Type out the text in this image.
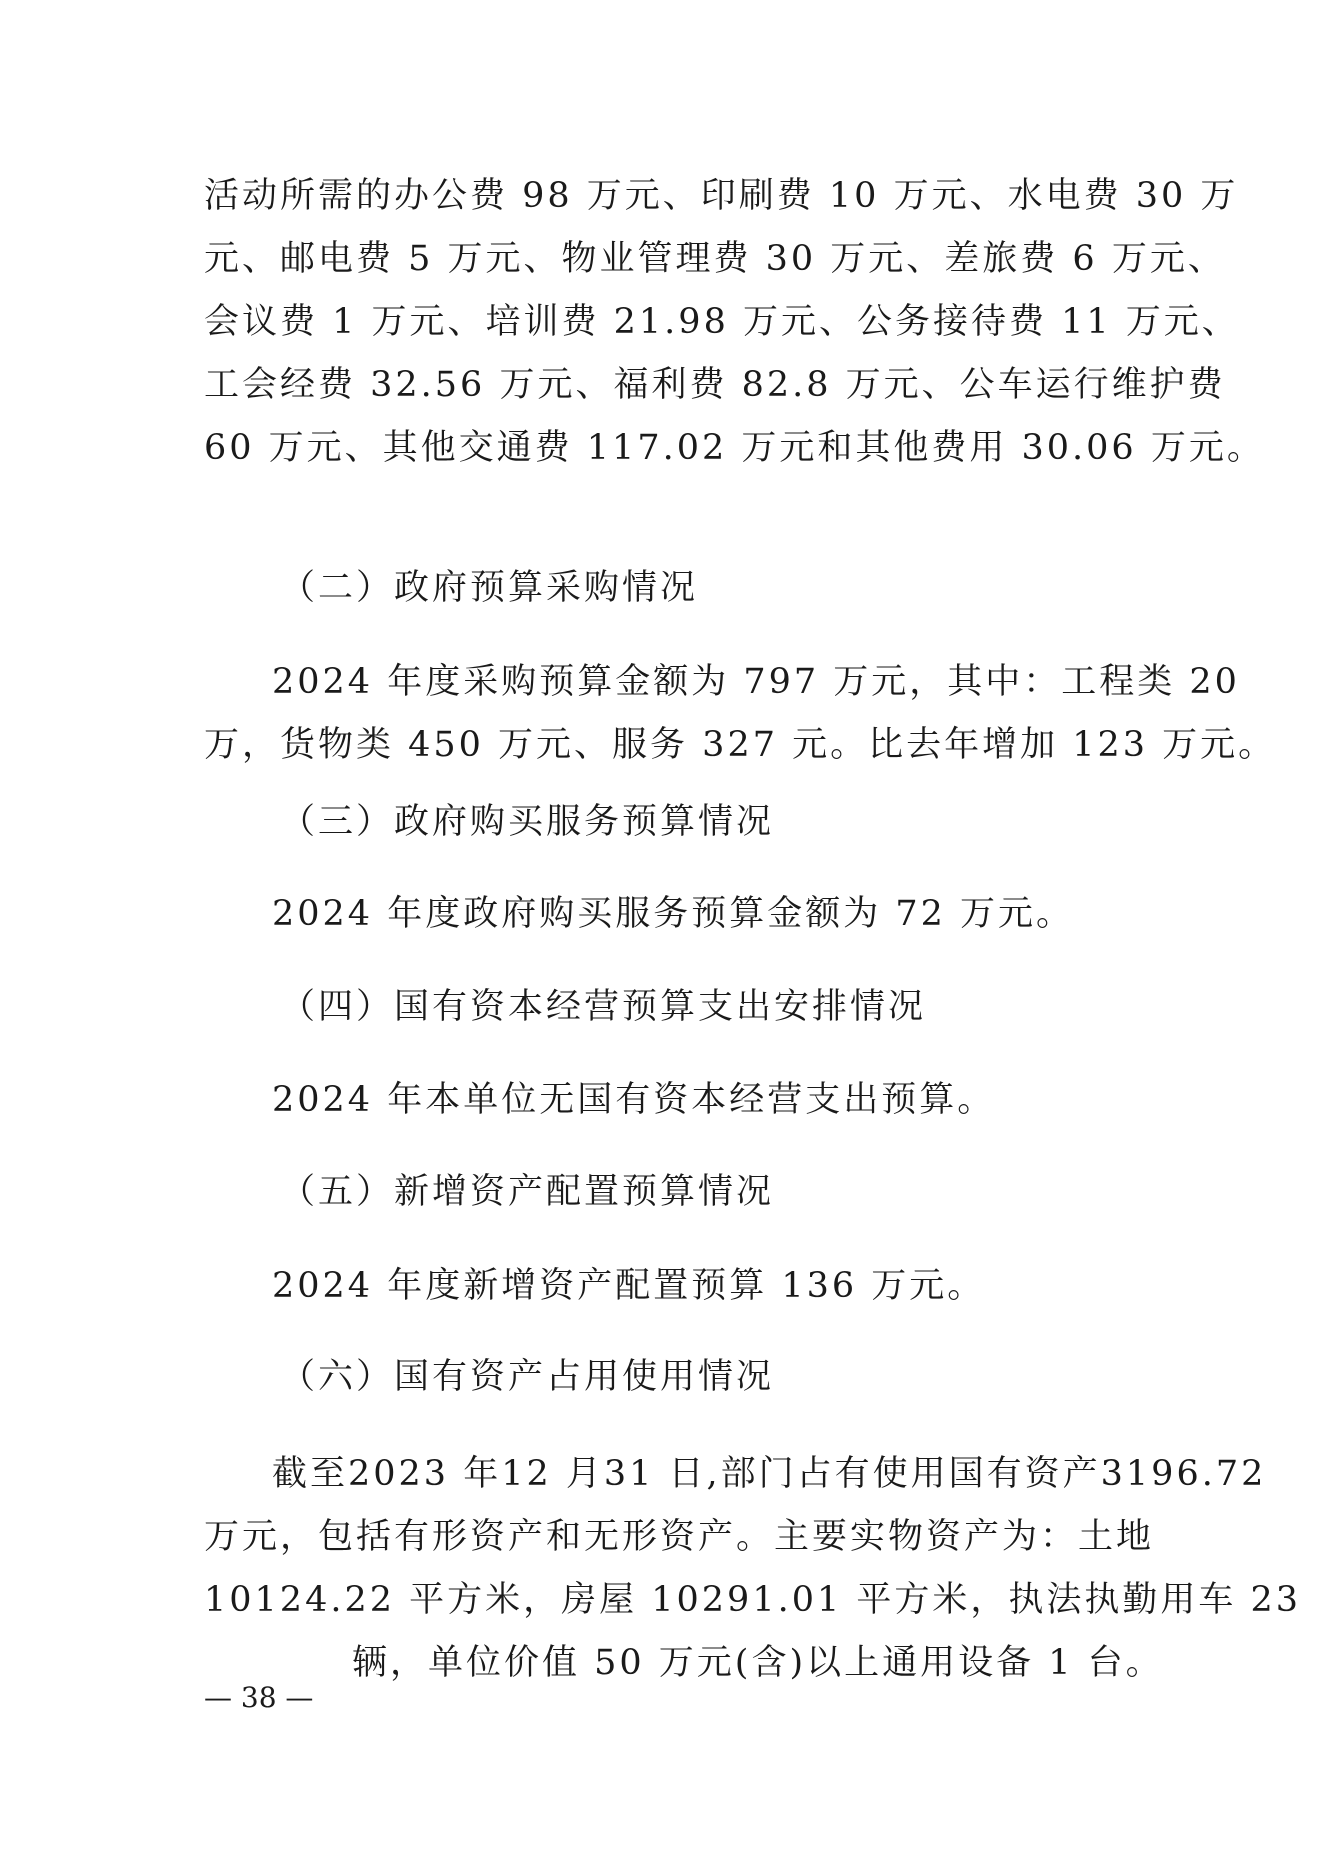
活动所需的办公费 98 万元、印刷费 10 万元、水电费 30 万
元、邮电费 5 万元、物业管理费 30 万元、差旅费 6 万元、
会议费 1 万元、培训费 21.98 万元、公务接待费 11 万元、
工会经费 32.56 万元、福利费 82.8 万元、公车运行维护费
60 万元、其他交通费 117.02 万元和其他费用 30.06 万元。
（二）政府预算采购情况
2024 年度采购预算金额为 797 万元，其中：工程类 20
万，货物类 450 万元、服务 327 元。比去年增加 123 万元。
（三）政府购买服务预算情况
2024 年度政府购买服务预算金额为 72 万元。
（四）国有资本经营预算支出安排情况
2024 年本单位无国有资本经营支出预算。
（五）新增资产配置预算情况
2024 年度新增资产配置预算 136 万元。
（六）国有资产占用使用情况
截至2023 年12 月31 日,部门占有使用国有资产3196.72
万元，包括有形资产和无形资产。主要实物资产为：土地
10124.22 平方米，房屋 10291.01 平方米，执法执勤用车 23
辆，单位价值 50 万元(含)以上通用设备 1 台。
— 38 —
